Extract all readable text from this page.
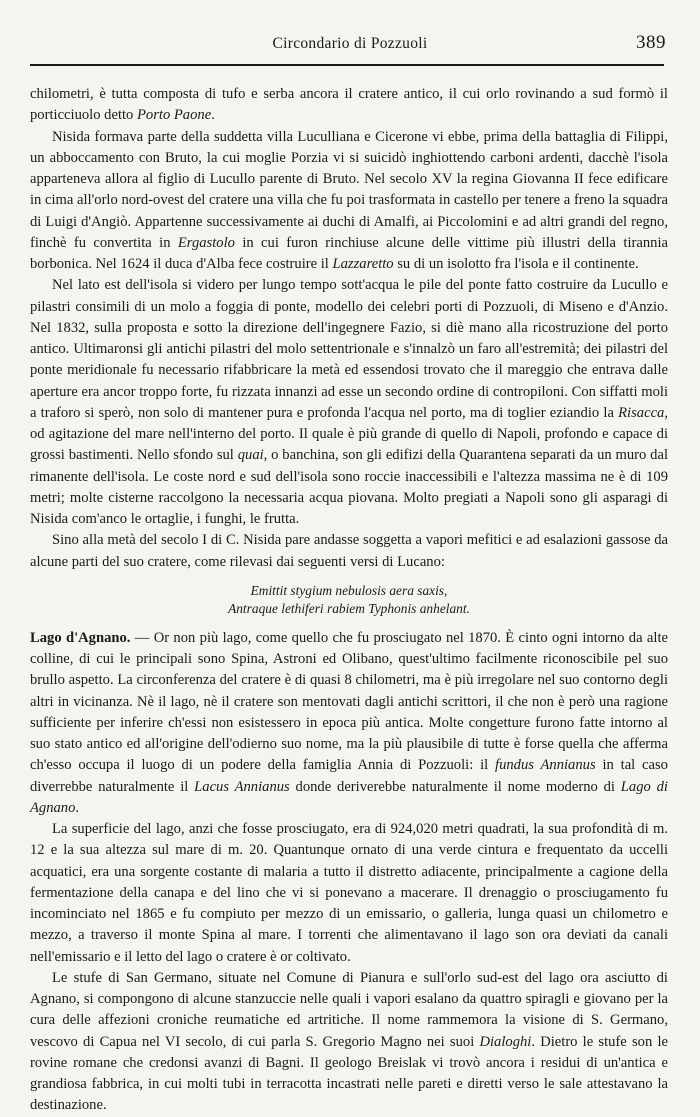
Circondario di Pozzuoli	389

chilometri, è tutta composta di tufo e serba ancora il cratere antico, il cui orlo rovinando a sud formò il porticciuolo detto Porto Paone.

Nisida formava parte della suddetta villa Luculliana e Cicerone vi ebbe, prima della battaglia di Filippi, un abboccamento con Bruto, la cui moglie Porzia vi si suicidò inghiottendo carboni ardenti, dacchè l'isola apparteneva allora al figlio di Lucullo parente di Bruto. Nel secolo XV la regina Giovanna II fece edificare in cima all'orlo nord-ovest del cratere una villa che fu poi trasformata in castello per tenere a freno la squadra di Luigi d'Angiò. Appartenne successivamente ai duchi di Amalfi, ai Piccolomini e ad altri grandi del regno, finchè fu convertita in Ergastolo in cui furon rinchiuse alcune delle vittime più illustri della tirannia borbonica. Nel 1624 il duca d'Alba fece costruire il Lazzaretto su di un isolotto fra l'isola e il continente.

Nel lato est dell'isola si videro per lungo tempo sott'acqua le pile del ponte fatto costruire da Lucullo e pilastri consimili di un molo a foggia di ponte, modello dei celebri porti di Pozzuoli, di Miseno e d'Anzio. Nel 1832, sulla proposta e sotto la direzione dell'ingegnere Fazio, si diè mano alla ricostruzione del porto antico. Ultimaronsi gli antichi pilastri del molo settentrionale e s'innalzò un faro all'estremità; dei pilastri del ponte meridionale fu necessario rifabbricare la metà ed essendosi trovato che il mareggio che entrava dalle aperture era ancor troppo forte, fu rizzata innanzi ad esse un secondo ordine di contropiloni. Con siffatti moli a traforo si sperò, non solo di mantener pura e profonda l'acqua nel porto, ma di toglier eziandio la Risacca, od agitazione del mare nell'interno del porto. Il quale è più grande di quello di Napoli, profondo e capace di grossi bastimenti. Nello sfondo sul quai, o banchina, son gli edifizi della Quarantena separati da un muro dal rimanente dell'isola. Le coste nord e sud dell'isola sono roccie inaccessibili e l'altezza massima ne è di 109 metri; molte cisterne raccolgono la necessaria acqua piovana. Molto pregiati a Napoli sono gli asparagi di Nisida com'anco le ortaglie, i funghi, le frutta.

Sino alla metà del secolo I di C. Nisida pare andasse soggetta a vapori mefitici e ad esalazioni gassose da alcune parti del suo cratere, come rilevasi dai seguenti versi di Lucano:

Emittit stygium nebulosis aera saxis,
Antraque lethiferi rabiem Typhonis anhelant.

Lago d'Agnano. — Or non più lago, come quello che fu prosciugato nel 1870. È cinto ogni intorno da alte colline, di cui le principali sono Spina, Astroni ed Olibano, quest'ultimo facilmente riconoscibile pel suo brullo aspetto. La circonferenza del cratere è di quasi 8 chilometri, ma è più irregolare nel suo contorno degli altri in vicinanza. Nè il lago, nè il cratere son mentovati dagli antichi scrittori, il che non è però una ragione sufficiente per inferire ch'essi non esistessero in epoca più antica. Molte congetture furono fatte intorno al suo stato antico ed all'origine dell'odierno suo nome, ma la più plausibile di tutte è forse quella che afferma ch'esso occupa il luogo di un podere della famiglia Annia di Pozzuoli: il fundus Annianus in tal caso diverrebbe naturalmente il Lacus Annianus donde deriverebbe naturalmente il nome moderno di Lago di Agnano.

La superficie del lago, anzi che fosse prosciugato, era di 924,020 metri quadrati, la sua profondità di m. 12 e la sua altezza sul mare di m. 20. Quantunque ornato di una verde cintura e frequentato da uccelli acquatici, era una sorgente costante di malaria a tutto il distretto adiacente, principalmente a cagione della fermentazione della canapa e del lino che vi si ponevano a macerare. Il drenaggio o prosciugamento fu incominciato nel 1865 e fu compiuto per mezzo di un emissario, o galleria, lunga quasi un chilometro e mezzo, a traverso il monte Spina al mare. I torrenti che alimentavano il lago son ora deviati da canali nell'emissario e il letto del lago o cratere è or coltivato.

Le stufe di San Germano, situate nel Comune di Pianura e sull'orlo sud-est del lago ora asciutto di Agnano, si compongono di alcune stanzuccie nelle quali i vapori esalano da quattro spiragli e giovano per la cura delle affezioni croniche reumatiche ed artritiche. Il nome rammemora la visione di S. Germano, vescovo di Capua nel VI secolo, di cui parla S. Gregorio Magno nei suoi Dialoghi. Dietro le stufe son le rovine romane che credonsi avanzi di Bagni. Il geologo Breislak vi trovò ancora i residui di un'antica e grandiosa fabbrica, in cui molti tubi in terracotta incastrati nelle pareti e diretti verso le sale attestavano la destinazione.
